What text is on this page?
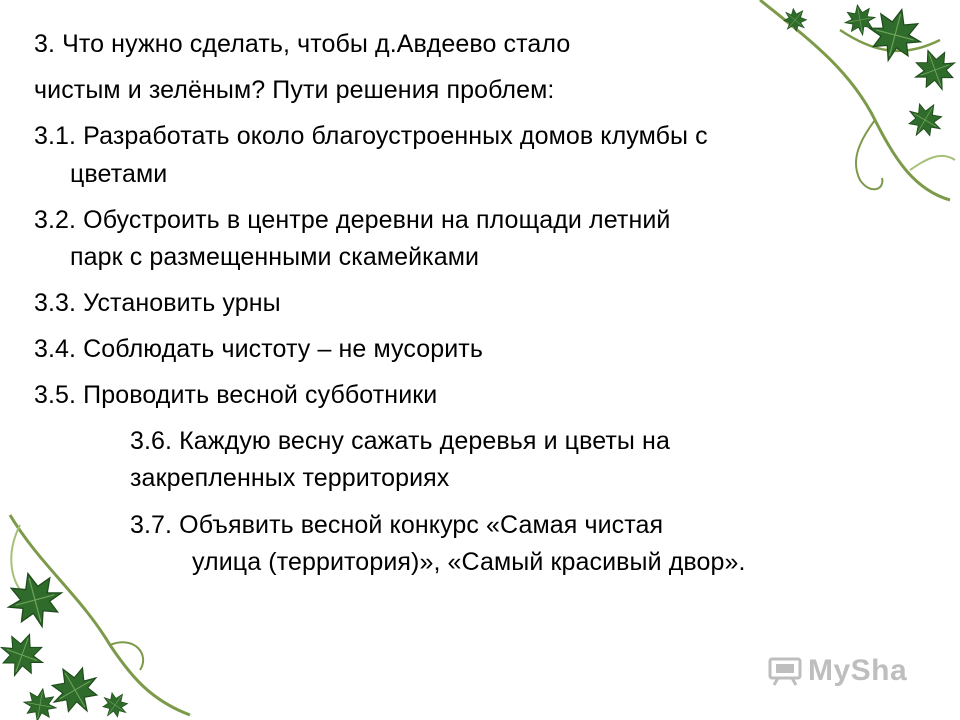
3. Что нужно сделать, чтобы д.Авдеево стало
чистым и зелёным? Пути решения проблем:
3.1. Разработать около благоустроенных домов клумбы с
цветами
3.2. Обустроить в центре деревни на площади летний
парк с размещенными скамейками
3.3. Установить урны
3.4. Соблюдать чистоту – не мусорить
3.5. Проводить весной субботники
3.6. Каждую весну сажать деревья и цветы на
закрепленных территориях
3.7. Объявить весной конкурс «Самая чистая
улица (территория)», «Самый красивый двор».
MySha
